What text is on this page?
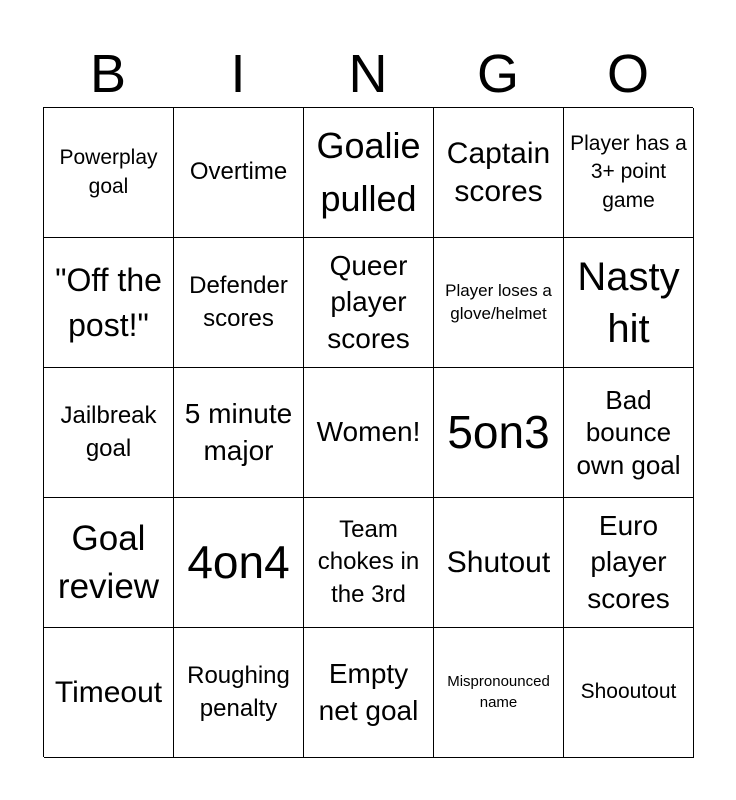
B	I	N	G	O
Powerplay goal
Overtime
Goalie pulled
Captain scores
Player has a 3+ point game
"Off the post!"
Defender scores
Queer player scores
Player loses a glove/helmet
Nasty hit
Jailbreak goal
5 minute major
Women! 5on3
Bad bounce own goal
Goal review 4on4
Team chokes in the 3rd
Shutout
Euro player scores
Timeout
Roughing penalty
Empty net goal
Mispronounced name	Shooutout
